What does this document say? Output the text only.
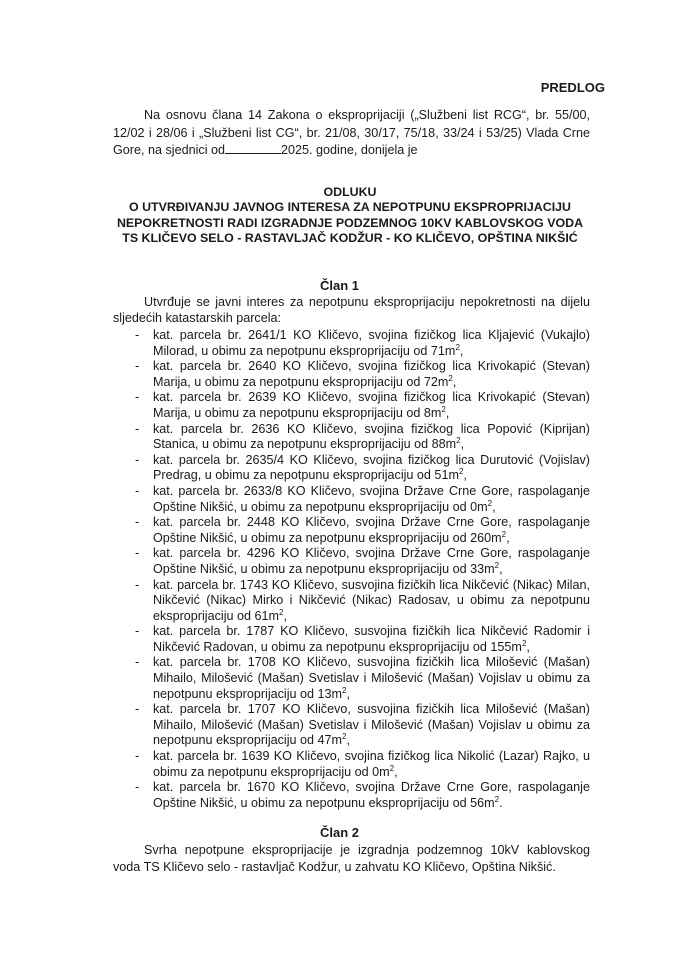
PREDLOG
Na osnovu člana 14 Zakona o eksproprijaciji („Službeni list RCG“, br. 55/00, 12/02 i 28/06 i „Službeni list CG“, br. 21/08, 30/17, 75/18, 33/24 i 53/25) Vlada Crne Gore, na sjednici od	2025. godine, donijela je
ODLUKU
O UTVRĐIVANJU JAVNOG INTERESA ZA NEPOTPUNU EKSPROPRIJACIJU
NEPOKRETNOSTI RADI IZGRADNJE PODZEMNOG 10KV KABLOVSKOG VODA
TS KLIČEVO SELO - RASTAVLJAČ KODŽUR - KO KLIČEVO, OPŠTINA NIKŠIĆ
Član 1
Utvrđuje se javni interes za nepotpunu eksproprijaciju nepokretnosti na dijelu sljedećih katastarskih parcela:
- kat. parcela br. 2641/1 KO Kličevo, svojina fizičkog lica Kljajević (Vukajlo) Milorad, u obimu za nepotpunu eksproprijaciju od $71m^2$,
- kat. parcela br. 2640 KO Kličevo, svojina fizičkog lica Krivokapić (Stevan) Marija, u obimu za nepotpunu eksproprijaciju od $72m^2$,
- kat. parcela br. 2639 KO Kličevo, svojina fizičkog lica Krivokapić (Stevan) Marija, u obimu za nepotpunu eksproprijaciju od $8m^2$,
- kat. parcela br. 2636 KO Kličevo, svojina fizičkog lica Popović (Kiprijan) Stanica, u obimu za nepotpunu eksproprijaciju od $88m^2$,
- kat. parcela br. 2635/4 KO Kličevo, svojina fizičkog lica Durutović (Vojislav) Predrag, u obimu za nepotpunu eksproprijaciju od $51m^2$,
- kat. parcela br. 2633/8 KO Kličevo, svojina Države Crne Gore, raspolaganje Opštine Nikšić, u obimu za nepotpunu eksproprijaciju od $0m^2$,
- kat. parcela br. 2448 KO Kličevo, svojina Države Crne Gore, raspolaganje Opštine Nikšić, u obimu za nepotpunu eksproprijaciju od $260m^2$,
- kat. parcela br. 4296 KO Kličevo, svojina Države Crne Gore, raspolaganje Opštine Nikšić, u obimu za nepotpunu eksproprijaciju od $33m^2$,
- kat. parcela br. 1743 KO Kličevo, susvojina fizičkih lica Nikčević (Nikac) Milan, Nikčević (Nikac) Mirko i Nikčević (Nikac) Radosav, u obimu za nepotpunu eksproprijaciju od $61m^2$,
- kat. parcela br. 1787 KO Kličevo, susvojina fizičkih lica Nikčević Radomir i Nikčević Radovan, u obimu za nepotpunu eksproprijaciju od $155m^2$,
- kat. parcela br. 1708 KO Kličevo, susvojina fizičkih lica Milošević (Mašan) Mihailo, Milošević (Mašan) Svetislav i Milošević (Mašan) Vojislav u obimu za nepotpunu eksproprijaciju od $13m^2$,
- kat. parcela br. 1707 KO Kličevo, susvojina fizičkih lica Milošević (Mašan) Mihailo, Milošević (Mašan) Svetislav i Milošević (Mašan) Vojislav u obimu za nepotpunu eksproprijaciju od $47m^2$,
- kat. parcela br. 1639 KO Kličevo, svojina fizičkog lica Nikolić (Lazar) Rajko, u obimu za nepotpunu eksproprijaciju od $0m^2$,
- kat. parcela br. 1670 KO Kličevo, svojina Države Crne Gore, raspolaganje Opštine Nikšić, u obimu za nepotpunu eksproprijaciju od $56m^2$.
Član 2
Svrha nepotpune eksproprijacije je izgradnja podzemnog 10kV kablovskog voda TS Kličevo selo - rastavljač Kodžur, u zahvatu KO Kličevo, Opština Nikšić.
